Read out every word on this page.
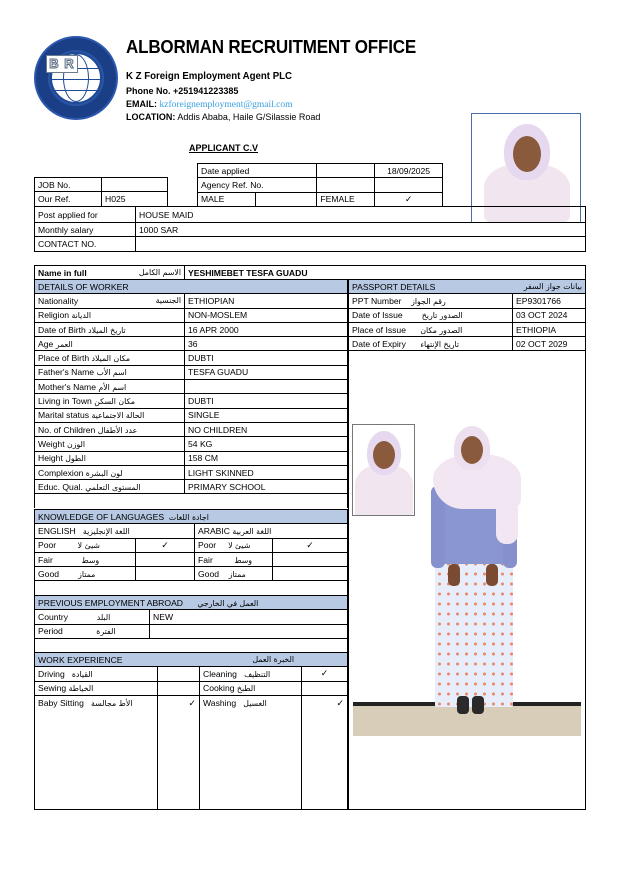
B R
ALBORMAN RECRUITMENT OFFICE
K Z Foreign Employment Agent PLC
Phone No. +251941223385
EMAIL: kzforeignemployment@gmail.com
LOCATION: Addis Ababa, Haile G/Silassie Road
APPLICANT C.V
JOB No.	
Our Ref.	H025
Date applied			18/09/2025
Agency Ref. No.			
MALE		FEMALE	✓
Post applied for	HOUSE MAID
Monthly salary	1000 SAR
CONTACT NO.	
Name in full	الاسم الكامل	YESHIMEBET TESFA GUADU
DETAILS OF WORKER	

Nationality الجنسية	ETHIOPIAN
Religion الديانة	NON-MOSLEM
Date of Birth تاريخ الميلاد	16 APR 2000
Age العمر	36
Place of Birth مكان الميلاد	DUBTI
Father's Name اسم الأب	TESFA GUADU
Mother's Name اسم الأم	
Living in Town مكان السكن	DUBTI
Marital status الحالة الاجتماعية	SINGLE
No. of Children عدد الأطفال	NO CHILDREN
Weight الوزن	54 KG
Height الطول	158 CM
Complexion لون البشرة	LIGHT SKINNED
Educ. Qual. المستوى التعلمي	PRIMARY SCHOOL

KNOWLEDGE OF LANGUAGES اجادة اللغات			
ENGLISH اللغة الإنجليزية		ARABIC اللغة العربية	
Poor شيئ لا	✓	Poor شيئ لا	✓
Fair وسط		Fair وسط	
Good ممتاز		Good ممتاز	

PREVIOUS EMPLOYMENT ABROAD العمل في الخارجي	
Country البلد	NEW
Period الفترة	

WORK EXPERIENCE الخبرة العمل			

Driving القيادة		Cleaning التنظيف	✓
Sewing الخياطة		Cooking الطبخ	
Baby Sitting الأط مجالسة	✓	Washing الغسيل	✓
PASSPORT DETAILS بيانات جواز السفر	

PPT Number رقم الجواز	EP9301766
Date of Issue الصدور تاريخ	03 OCT 2024
Place of Issue الصدور مكان	ETHIOPIA
Date of Expiry تاريخ الإنتهاء	02 OCT 2029
